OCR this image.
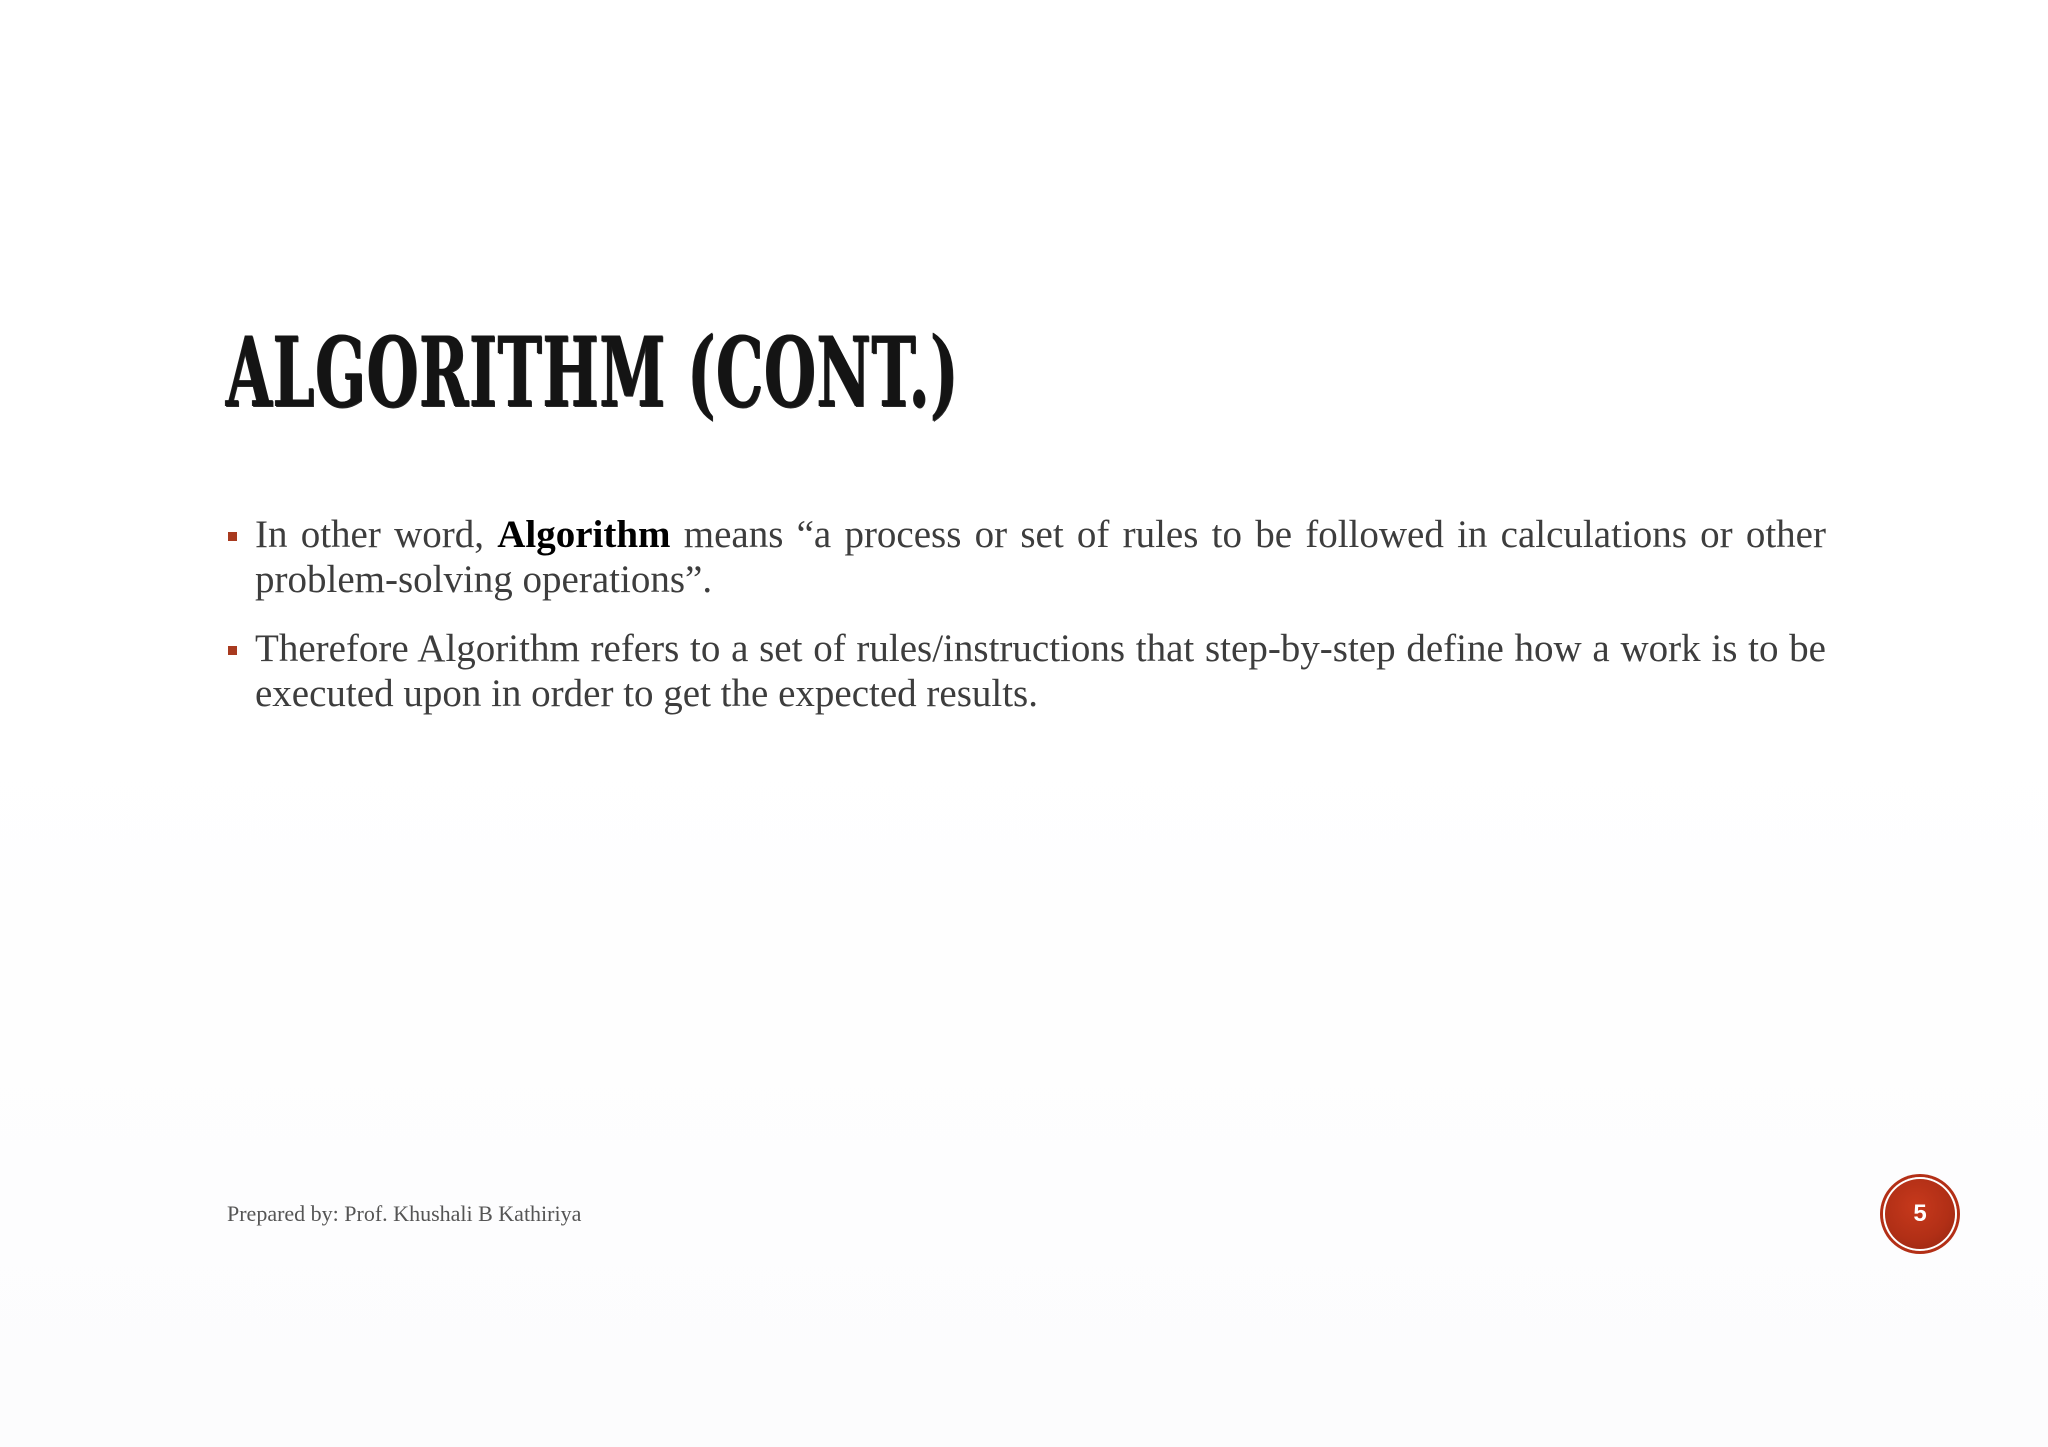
ALGORITHM (CONT.)
In other word, Algorithm means “a process or set of rules to be followed in calculations or other problem-solving operations”.
Therefore Algorithm refers to a set of rules/instructions that step-by-step define how a work is to be executed upon in order to get the expected results.
Prepared by: Prof. Khushali B Kathiriya	5
